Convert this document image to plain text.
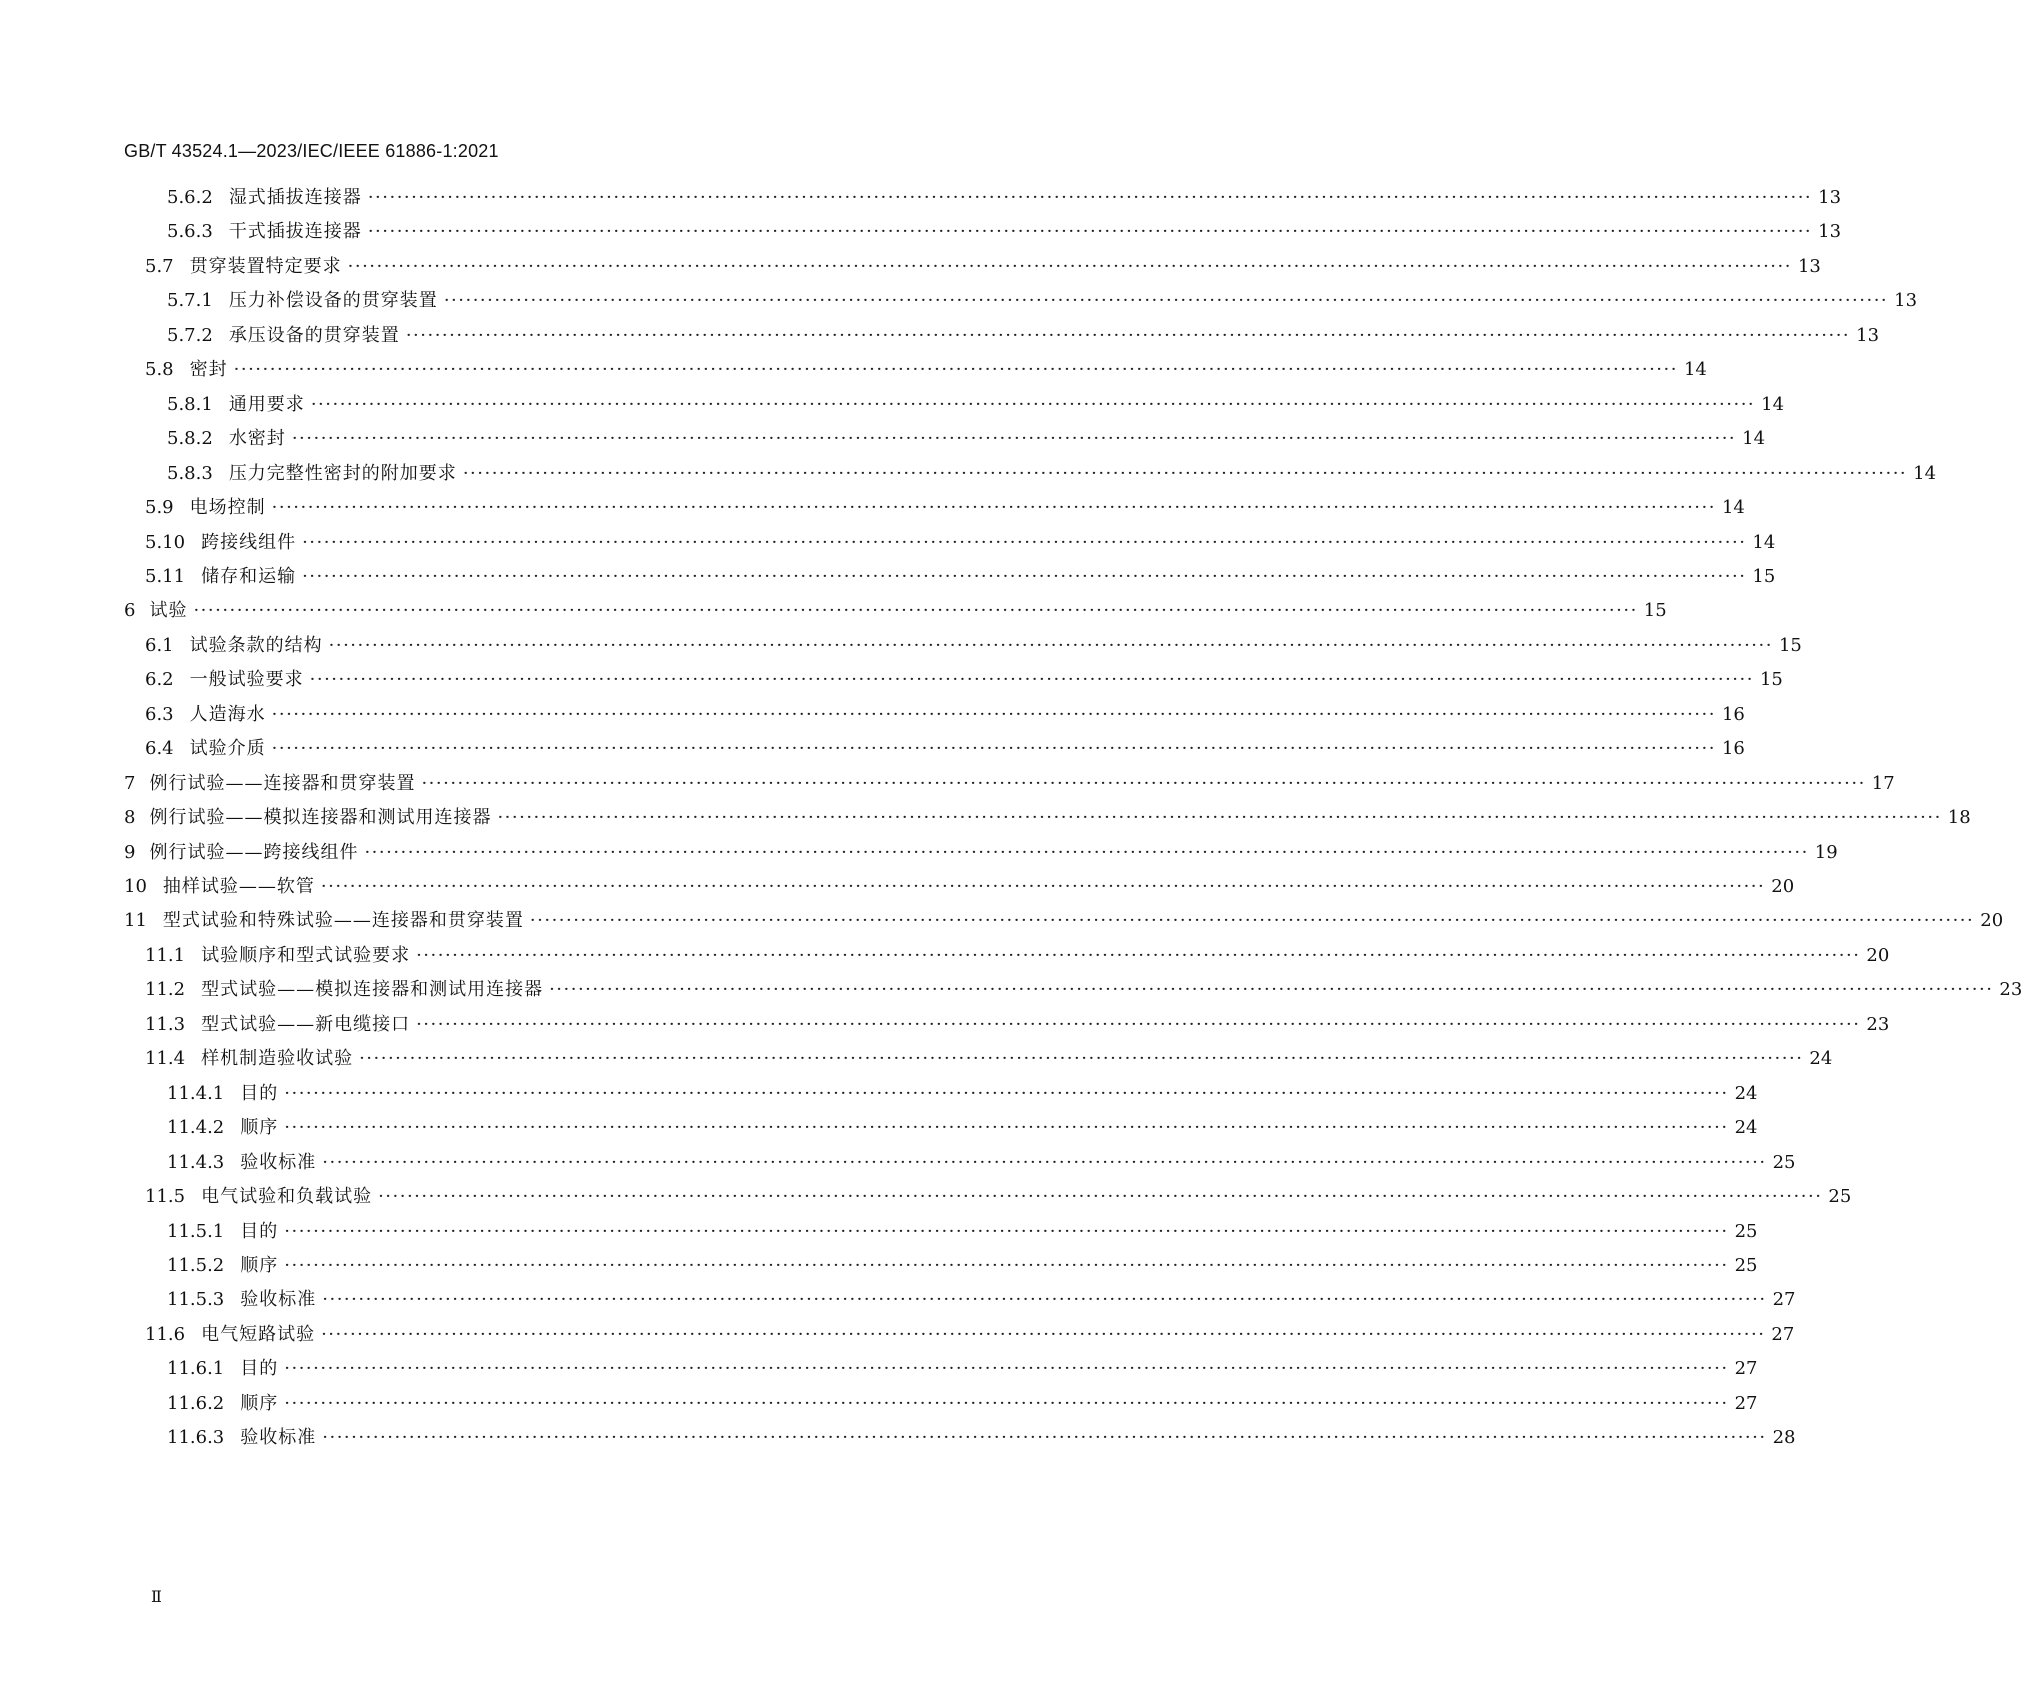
GB/T 43524.1—2023/IEC/IEEE 61886-1:2021
5.6.2 湿式插拔连接器 ········································································································································································································ 13
5.6.3 干式插拔连接器 ········································································································································································································ 13
5.7 贯穿装置特定要求 ········································································································································································································ 13
5.7.1 压力补偿设备的贯穿装置 ········································································································································································································ 13
5.7.2 承压设备的贯穿装置 ········································································································································································································ 13
5.8 密封 ········································································································································································································ 14
5.8.1 通用要求 ········································································································································································································ 14
5.8.2 水密封 ········································································································································································································ 14
5.8.3 压力完整性密封的附加要求 ········································································································································································································ 14
5.9 电场控制 ········································································································································································································ 14
5.10 跨接线组件 ········································································································································································································ 14
5.11 储存和运输 ········································································································································································································ 15
6 试验 ········································································································································································································ 15
6.1 试验条款的结构 ········································································································································································································ 15
6.2 一般试验要求 ········································································································································································································ 15
6.3 人造海水 ········································································································································································································ 16
6.4 试验介质 ········································································································································································································ 16
7 例行试验——连接器和贯穿装置 ········································································································································································································ 17
8 例行试验——模拟连接器和测试用连接器 ········································································································································································································ 18
9 例行试验——跨接线组件 ········································································································································································································ 19
10 抽样试验——软管 ········································································································································································································ 20
11 型式试验和特殊试验——连接器和贯穿装置 ········································································································································································································ 20
11.1 试验顺序和型式试验要求 ········································································································································································································ 20
11.2 型式试验——模拟连接器和测试用连接器 ········································································································································································································ 23
11.3 型式试验——新电缆接口 ········································································································································································································ 23
11.4 样机制造验收试验 ········································································································································································································ 24
11.4.1 目的 ········································································································································································································ 24
11.4.2 顺序 ········································································································································································································ 24
11.4.3 验收标准 ········································································································································································································ 25
11.5 电气试验和负载试验 ········································································································································································································ 25
11.5.1 目的 ········································································································································································································ 25
11.5.2 顺序 ········································································································································································································ 25
11.5.3 验收标准 ········································································································································································································ 27
11.6 电气短路试验 ········································································································································································································ 27
11.6.1 目的 ········································································································································································································ 27
11.6.2 顺序 ········································································································································································································ 27
11.6.3 验收标准 ········································································································································································································ 28
Ⅱ
